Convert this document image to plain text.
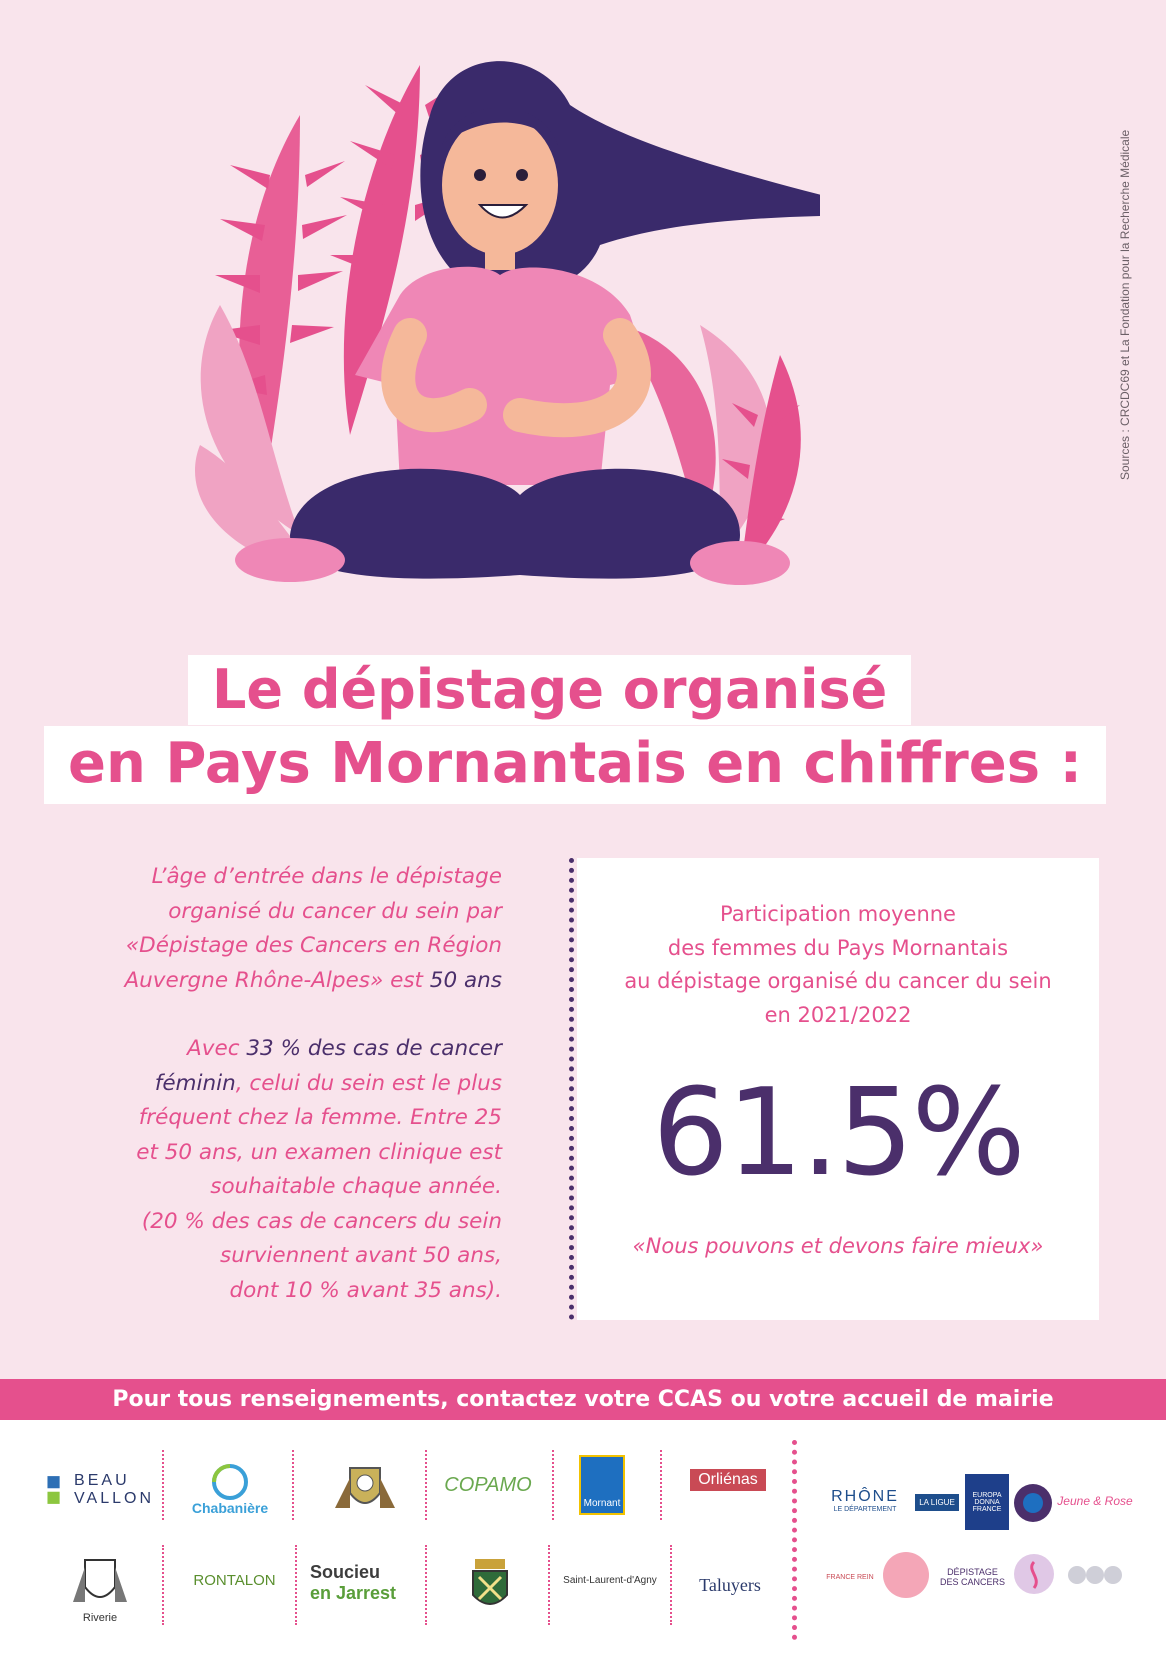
Sources : CRCDC69 et La Fondation pour la Recherche Médicale
Le dépistage organisé
en Pays Mornantais en chiffres :
L’âge d’entrée dans le dépistage
organisé du cancer du sein par
«Dépistage des Cancers en Région
Auvergne Rhône-Alpes» est 50 ans
Avec 33 % des cas de cancer
féminin, celui du sein est le plus
fréquent chez la femme. Entre 25
et 50 ans, un examen clinique est
souhaitable chaque année.
(20 % des cas de cancers du sein
surviennent avant 50 ans,
dont 10 % avant 35 ans).
Participation moyenne
des femmes du Pays Mornantais
au dépistage organisé du cancer du sein
en 2021/2022
61.5%
«Nous pouvons et devons faire mieux»
Pour tous renseignements, contactez votre CCAS ou votre accueil de mairie
BEAU
VALLON
Chabanière
COPAMO
Mornant
Orliénas
Riverie
RONTALON Soucieu
en Jarrest
Saint-Laurent-d'Agny Taluyers
RHÔNE
LE DÉPARTEMENT
LA LIGUE
EUROPA DONNA FRANCE
Jeune & Rose
FRANCE REIN
DÉPISTAGE
DES CANCERS
